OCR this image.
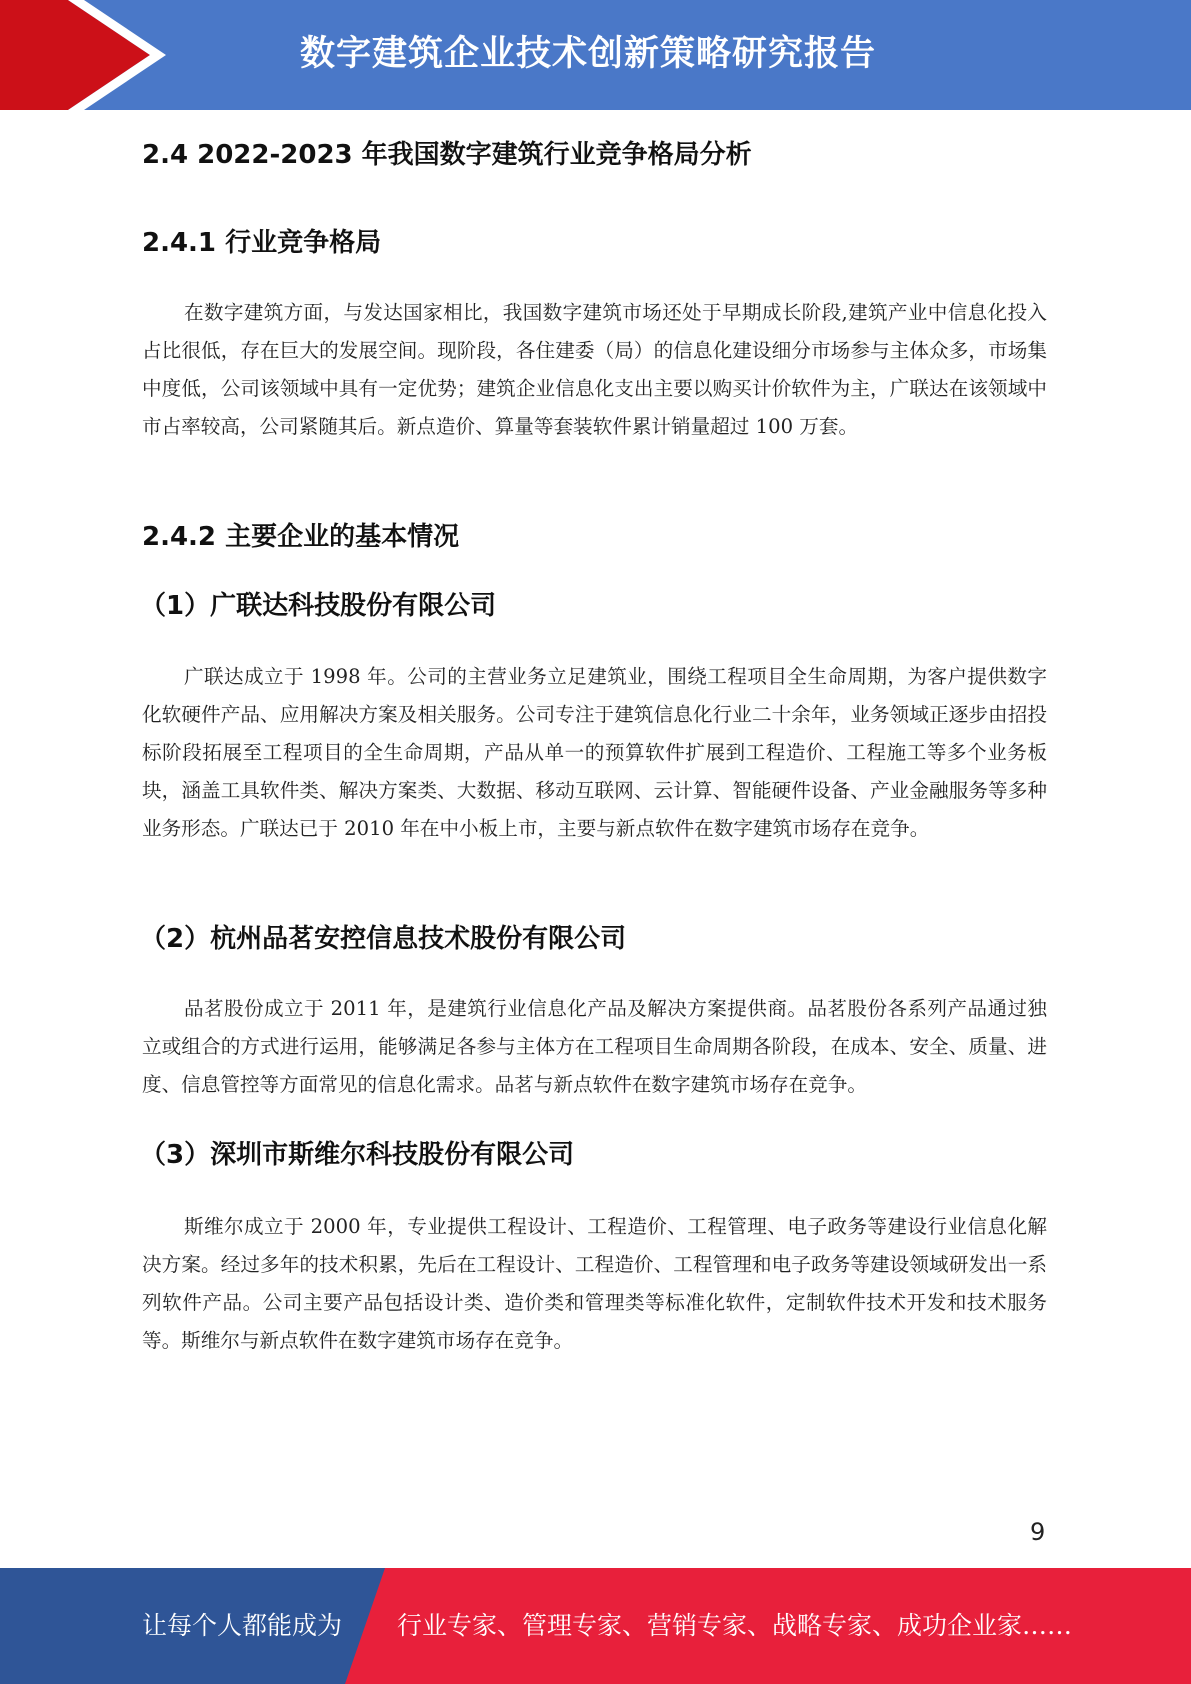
数字建筑企业技术创新策略研究报告
2.4 2022-2023 年我国数字建筑行业竞争格局分析
2.4.1 行业竞争格局
在数字建筑方面，与发达国家相比，我国数字建筑市场还处于早期成长阶段,建筑产业中信息化投入占比很低，存在巨大的发展空间。现阶段，各住建委（局）的信息化建设细分市场参与主体众多，市场集中度低，公司该领域中具有一定优势；建筑企业信息化支出主要以购买计价软件为主，广联达在该领域中市占率较高，公司紧随其后。新点造价、算量等套装软件累计销量超过 100 万套。
2.4.2 主要企业的基本情况
（1）广联达科技股份有限公司
广联达成立于 1998 年。公司的主营业务立足建筑业，围绕工程项目全生命周期，为客户提供数字化软硬件产品、应用解决方案及相关服务。公司专注于建筑信息化行业二十余年，业务领域正逐步由招投标阶段拓展至工程项目的全生命周期，产品从单一的预算软件扩展到工程造价、工程施工等多个业务板块，涵盖工具软件类、解决方案类、大数据、移动互联网、云计算、智能硬件设备、产业金融服务等多种业务形态。广联达已于 2010 年在中小板上市，主要与新点软件在数字建筑市场存在竞争。
（2）杭州品茗安控信息技术股份有限公司
品茗股份成立于 2011 年，是建筑行业信息化产品及解决方案提供商。品茗股份各系列产品通过独立或组合的方式进行运用，能够满足各参与主体方在工程项目生命周期各阶段，在成本、安全、质量、进度、信息管控等方面常见的信息化需求。品茗与新点软件在数字建筑市场存在竞争。
（3）深圳市斯维尔科技股份有限公司
斯维尔成立于 2000 年，专业提供工程设计、工程造价、工程管理、电子政务等建设行业信息化解决方案。经过多年的技术积累，先后在工程设计、工程造价、工程管理和电子政务等建设领域研发出一系列软件产品。公司主要产品包括设计类、造价类和管理类等标准化软件，定制软件技术开发和技术服务等。斯维尔与新点软件在数字建筑市场存在竞争。
9
让每个人都能成为 行业专家、管理专家、营销专家、战略专家、成功企业家……
